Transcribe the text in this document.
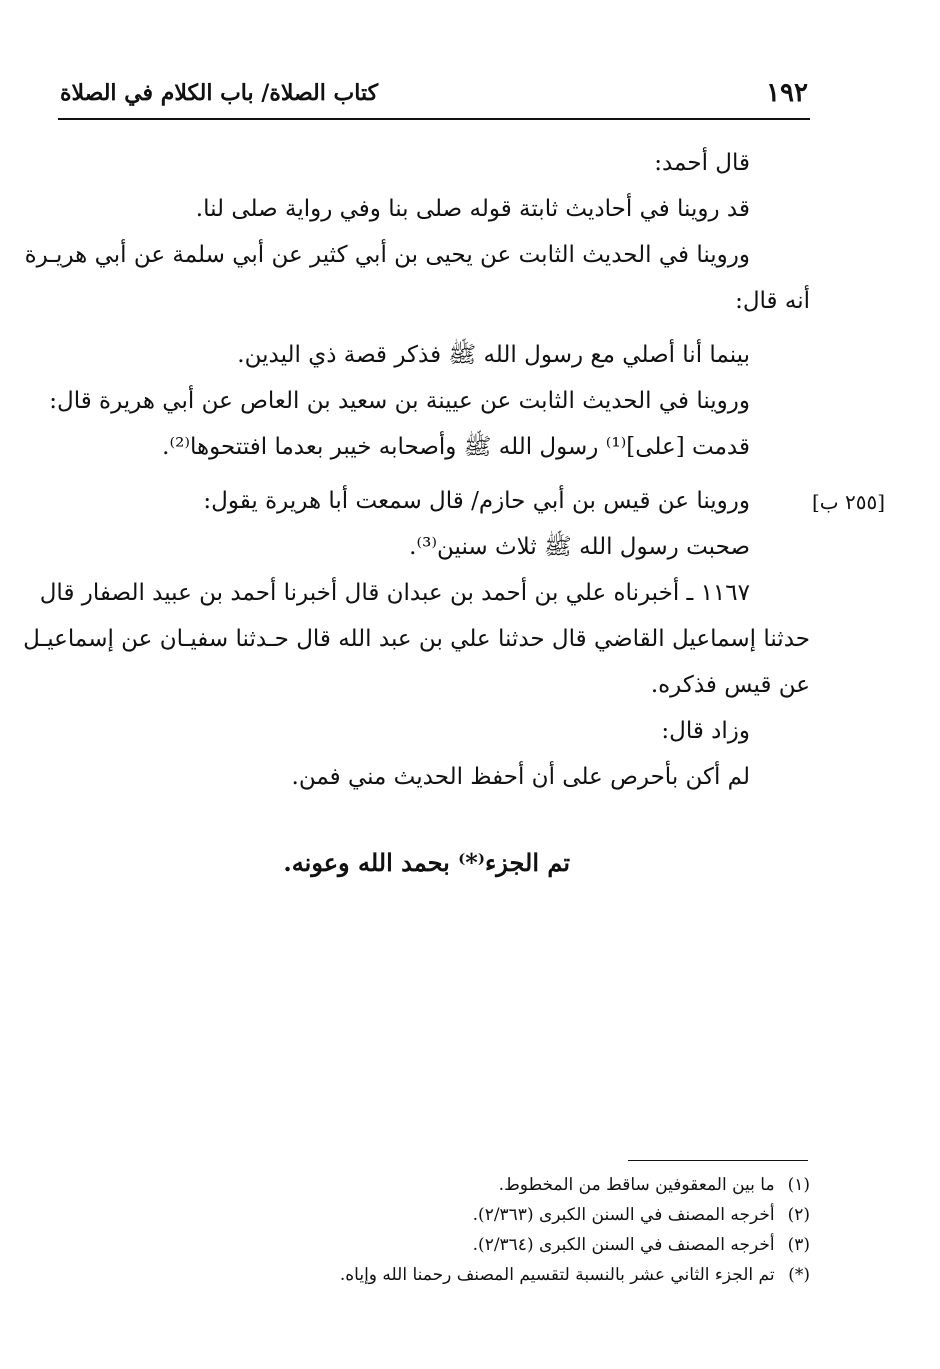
١٩٢
كتاب الصلاة/ باب الكلام في الصلاة
[٢٥٥ ب]
قال أحمد:
قد روينا في أحاديث ثابتة قوله صلى بنا وفي رواية صلى لنا.
وروينا في الحديث الثابت عن يحيى بن أبي كثير عن أبي سلمة عن أبي هريـرة
أنه قال:
بينما أنا أصلي مع رسول الله ﷺ فذكر قصة ذي اليدين.
وروينا في الحديث الثابت عن عيينة بن سعيد بن العاص عن أبي هريرة قال:
قدمت [على]⁽¹⁾ رسول الله ﷺ وأصحابه خيبر بعدما افتتحوها⁽²⁾.
وروينا عن قيس بن أبي حازم/ قال سمعت أبا هريرة يقول:
صحبت رسول الله ﷺ ثلاث سنين⁽³⁾.
١١٦٧ ـ أخبرناه علي بن أحمد بن عبدان قال أخبرنا أحمد بن عبيد الصفار قال
حدثنا إسماعيل القاضي قال حدثنا علي بن عبد الله قال حـدثنا سفيـان عن إسماعيـل
عن قيس فذكره.
وزاد قال:
لم أكن بأحرص على أن أحفظ الحديث مني فمن.
تم الجزء⁽*⁾ بحمد الله وعونه.
(١) ما بين المعقوفين ساقط من المخطوط.
(٢) أخرجه المصنف في السنن الكبرى (٢/٣٦٣).
(٣) أخرجه المصنف في السنن الكبرى (٢/٣٦٤).
(*) تم الجزء الثاني عشر بالنسبة لتقسيم المصنف رحمنا الله وإياه.
